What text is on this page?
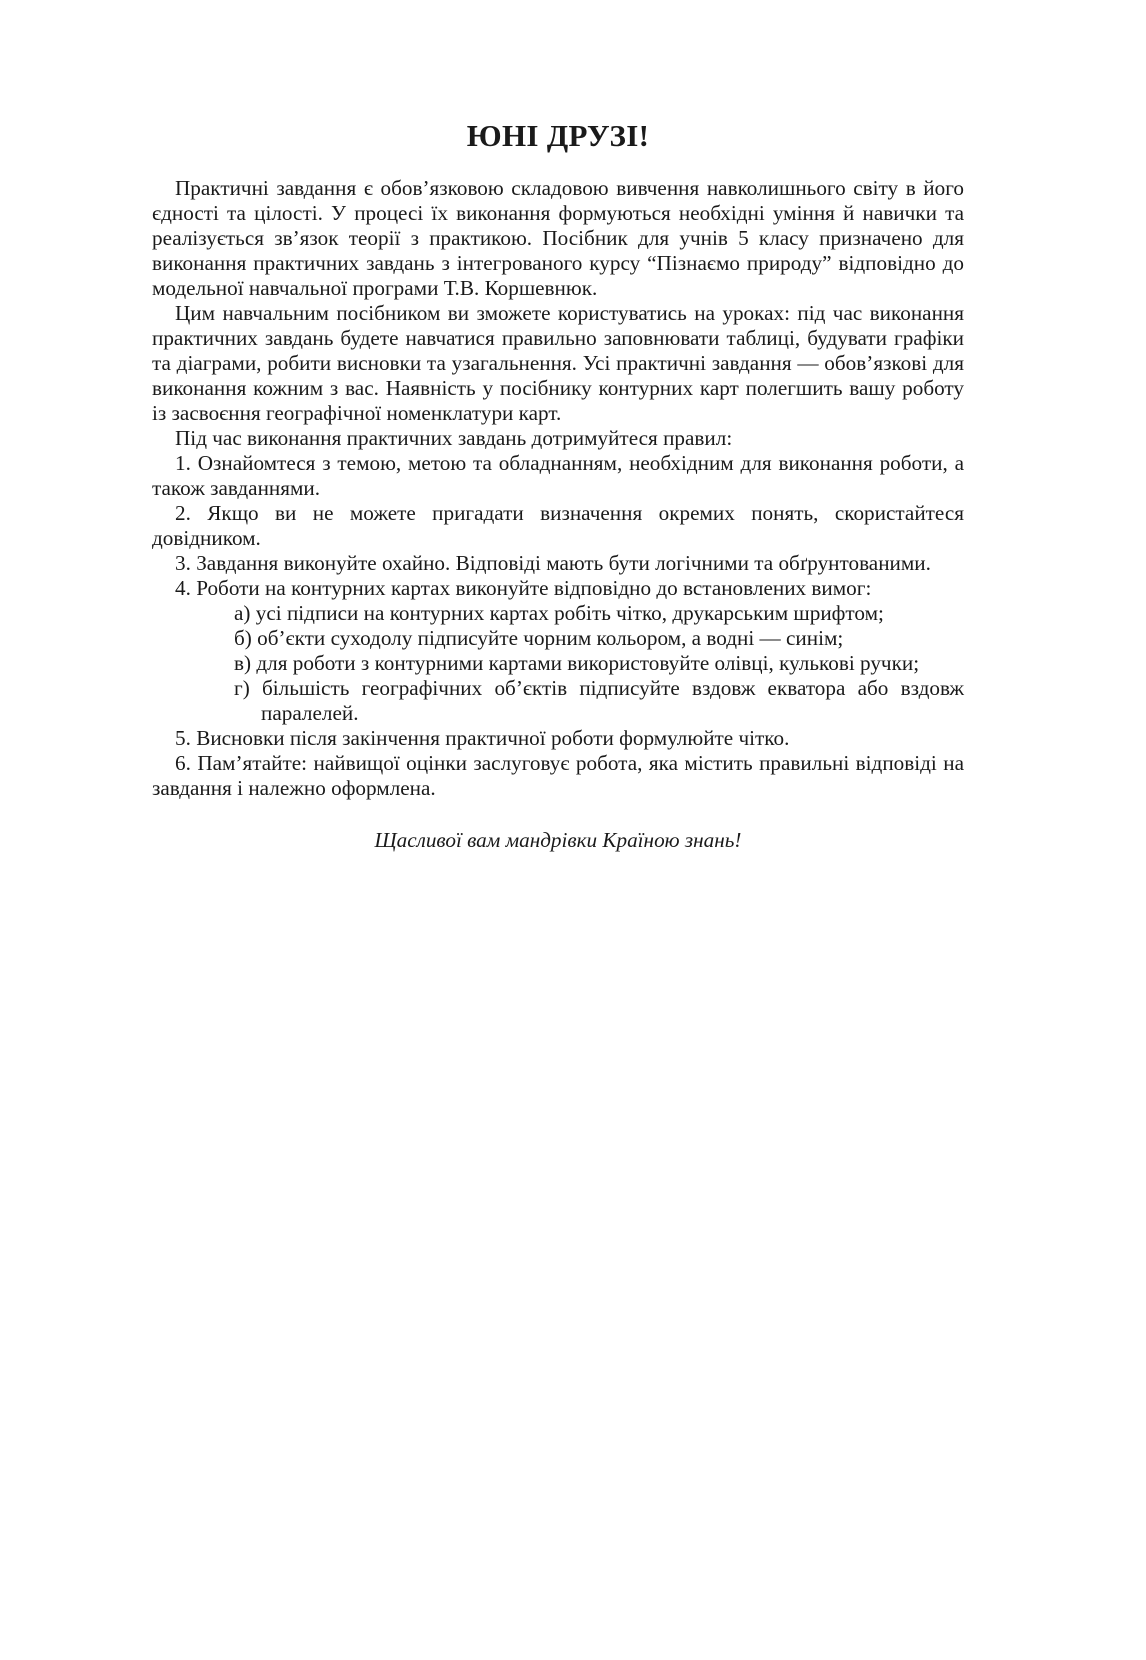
ЮНІ ДРУЗІ!

Практичні завдання є обов’язковою складовою вивчення навколишнього світу в його єдності та цілості. У процесі їх виконання формуються необхідні уміння й навички та реалізується зв’язок теорії з практикою. Посібник для учнів 5 класу призначено для виконання практичних завдань з інтегрованого курсу “Пізнаємо природу” відповідно до модельної навчальної програми Т.В. Коршевнюк.

Цим навчальним посібником ви зможете користуватись на уроках: під час виконання практичних завдань будете навчатися правильно заповнювати таблиці, будувати графіки та діаграми, робити висновки та узагальнення. Усі практичні завдання — обов’язкові для виконання кожним з вас. Наявність у посібнику контурних карт полегшить вашу роботу із засвоєння географічної номенклатури карт.

Під час виконання практичних завдань дотримуйтеся правил:

1. Ознайомтеся з темою, метою та обладнанням, необхідним для виконання роботи, а також завданнями.

2. Якщо ви не можете пригадати визначення окремих понять, скористайтеся довідником.

3. Завдання виконуйте охайно. Відповіді мають бути логічними та обґрунтованими.

4. Роботи на контурних картах виконуйте відповідно до встановлених вимог:

а) усі підписи на контурних картах робіть чітко, друкарським шрифтом;
б) об’єкти суходолу підписуйте чорним кольором, а водні — синім;
в) для роботи з контурними картами використовуйте олівці, кулькові ручки;
г) більшість географічних об’єктів підписуйте вздовж екватора або вздовж паралелей.

5. Висновки після закінчення практичної роботи формулюйте чітко.

6. Пам’ятайте: найвищої оцінки заслуговує робота, яка містить правильні відповіді на завдання і належно оформлена.

Щасливої вам мандрівки Країною знань!
